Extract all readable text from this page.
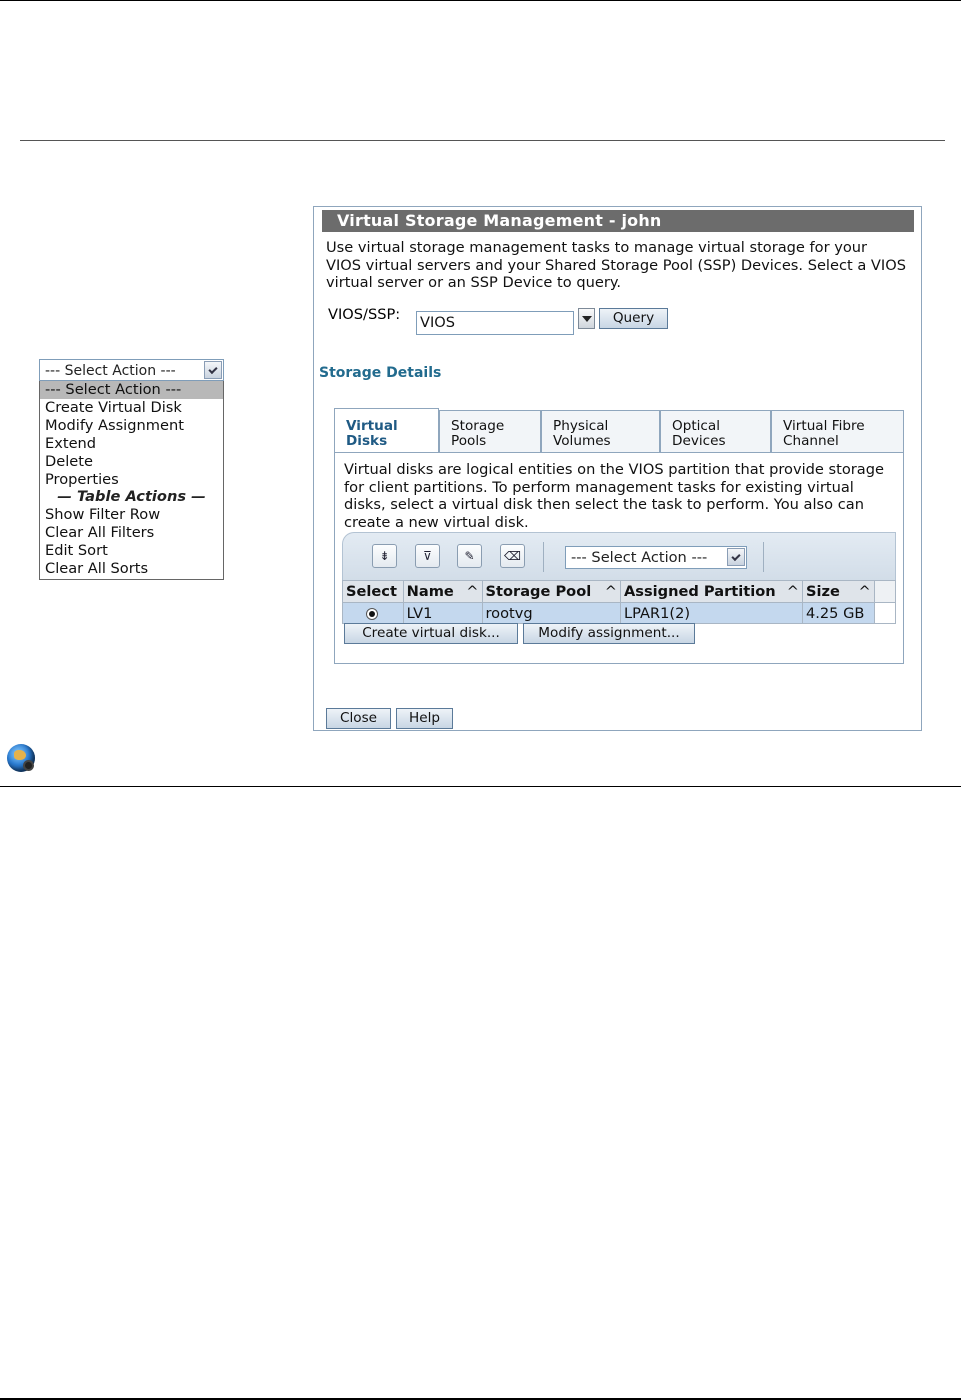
--- Select Action ---
--- Select Action ---
Create Virtual Disk
Modify Assignment
Extend
Delete
Properties
— Table Actions —
Show Filter Row
Clear All Filters
Edit Sort
Clear All Sorts
Virtual Storage Management - john
Use virtual storage management tasks to manage virtual storage for your VIOS virtual servers and your Shared Storage Pool (SSP) Devices. Select a VIOS virtual server or an SSP Device to query.
VIOS/SSP: VIOS	Query
Storage Details
Virtual
Disks
Storage
Pools
Physical
Volumes
Optical
Devices
Virtual Fibre
Channel
Virtual disks are logical entities on the VIOS partition that provide storage for client partitions. To perform management tasks for existing virtual disks, select a virtual disk then select the task to perform. You also can create a new virtual disk.
⇟	⊽	✎	⌫	--- Select Action ---
Select	Name ^	Storage Pool ^	Assigned Partition ^	Size ^	

	LV1	rootvg	LPAR1(2)	4.25 GB	
Create virtual disk...	Modify assignment...
Close	Help
